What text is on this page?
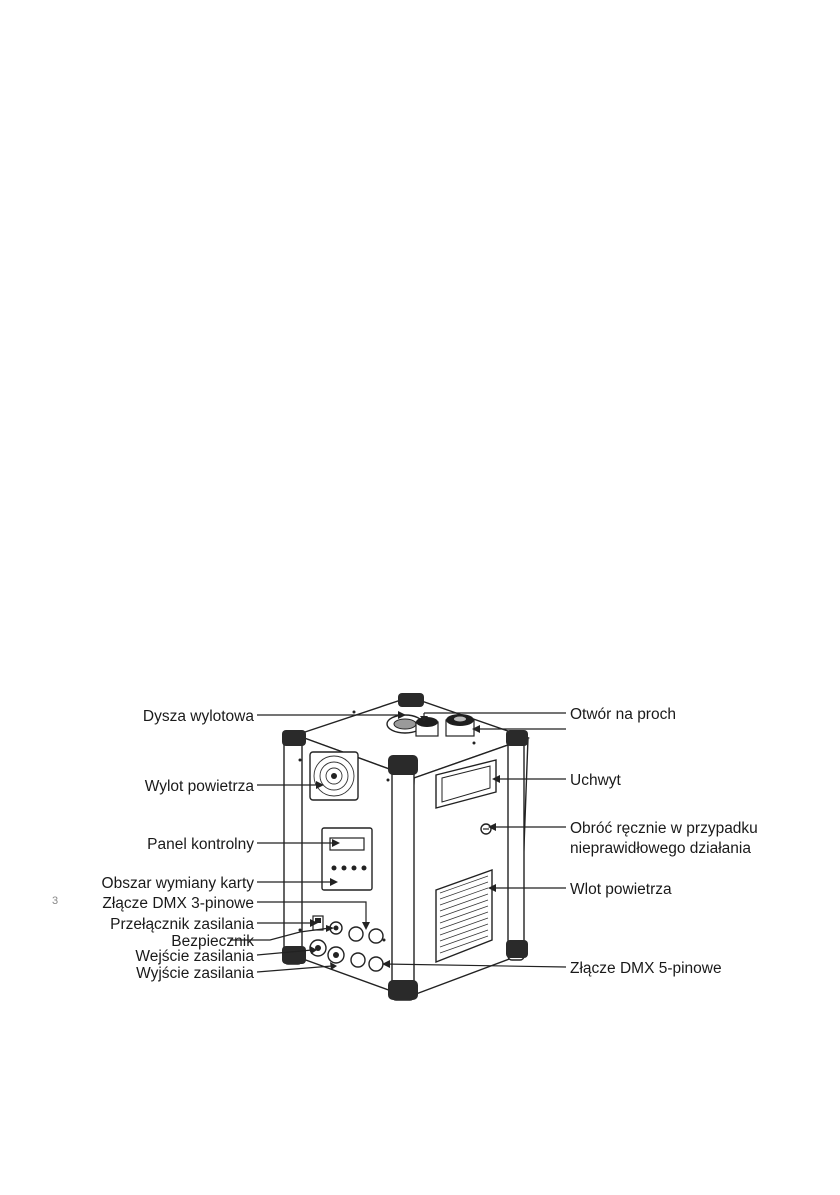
3
Dysza wylotowa
Wylot powietrza
Panel kontrolny
Obszar wymiany karty
Złącze DMX 3-pinowe
Przełącznik zasilania
Bezpiecznik
Wejście zasilania
Wyjście zasilania
Otwór na proch
Uchwyt
Obróć ręcznie w przypadku
nieprawidłowego działania
Wlot powietrza
Złącze DMX 5-pinowe
